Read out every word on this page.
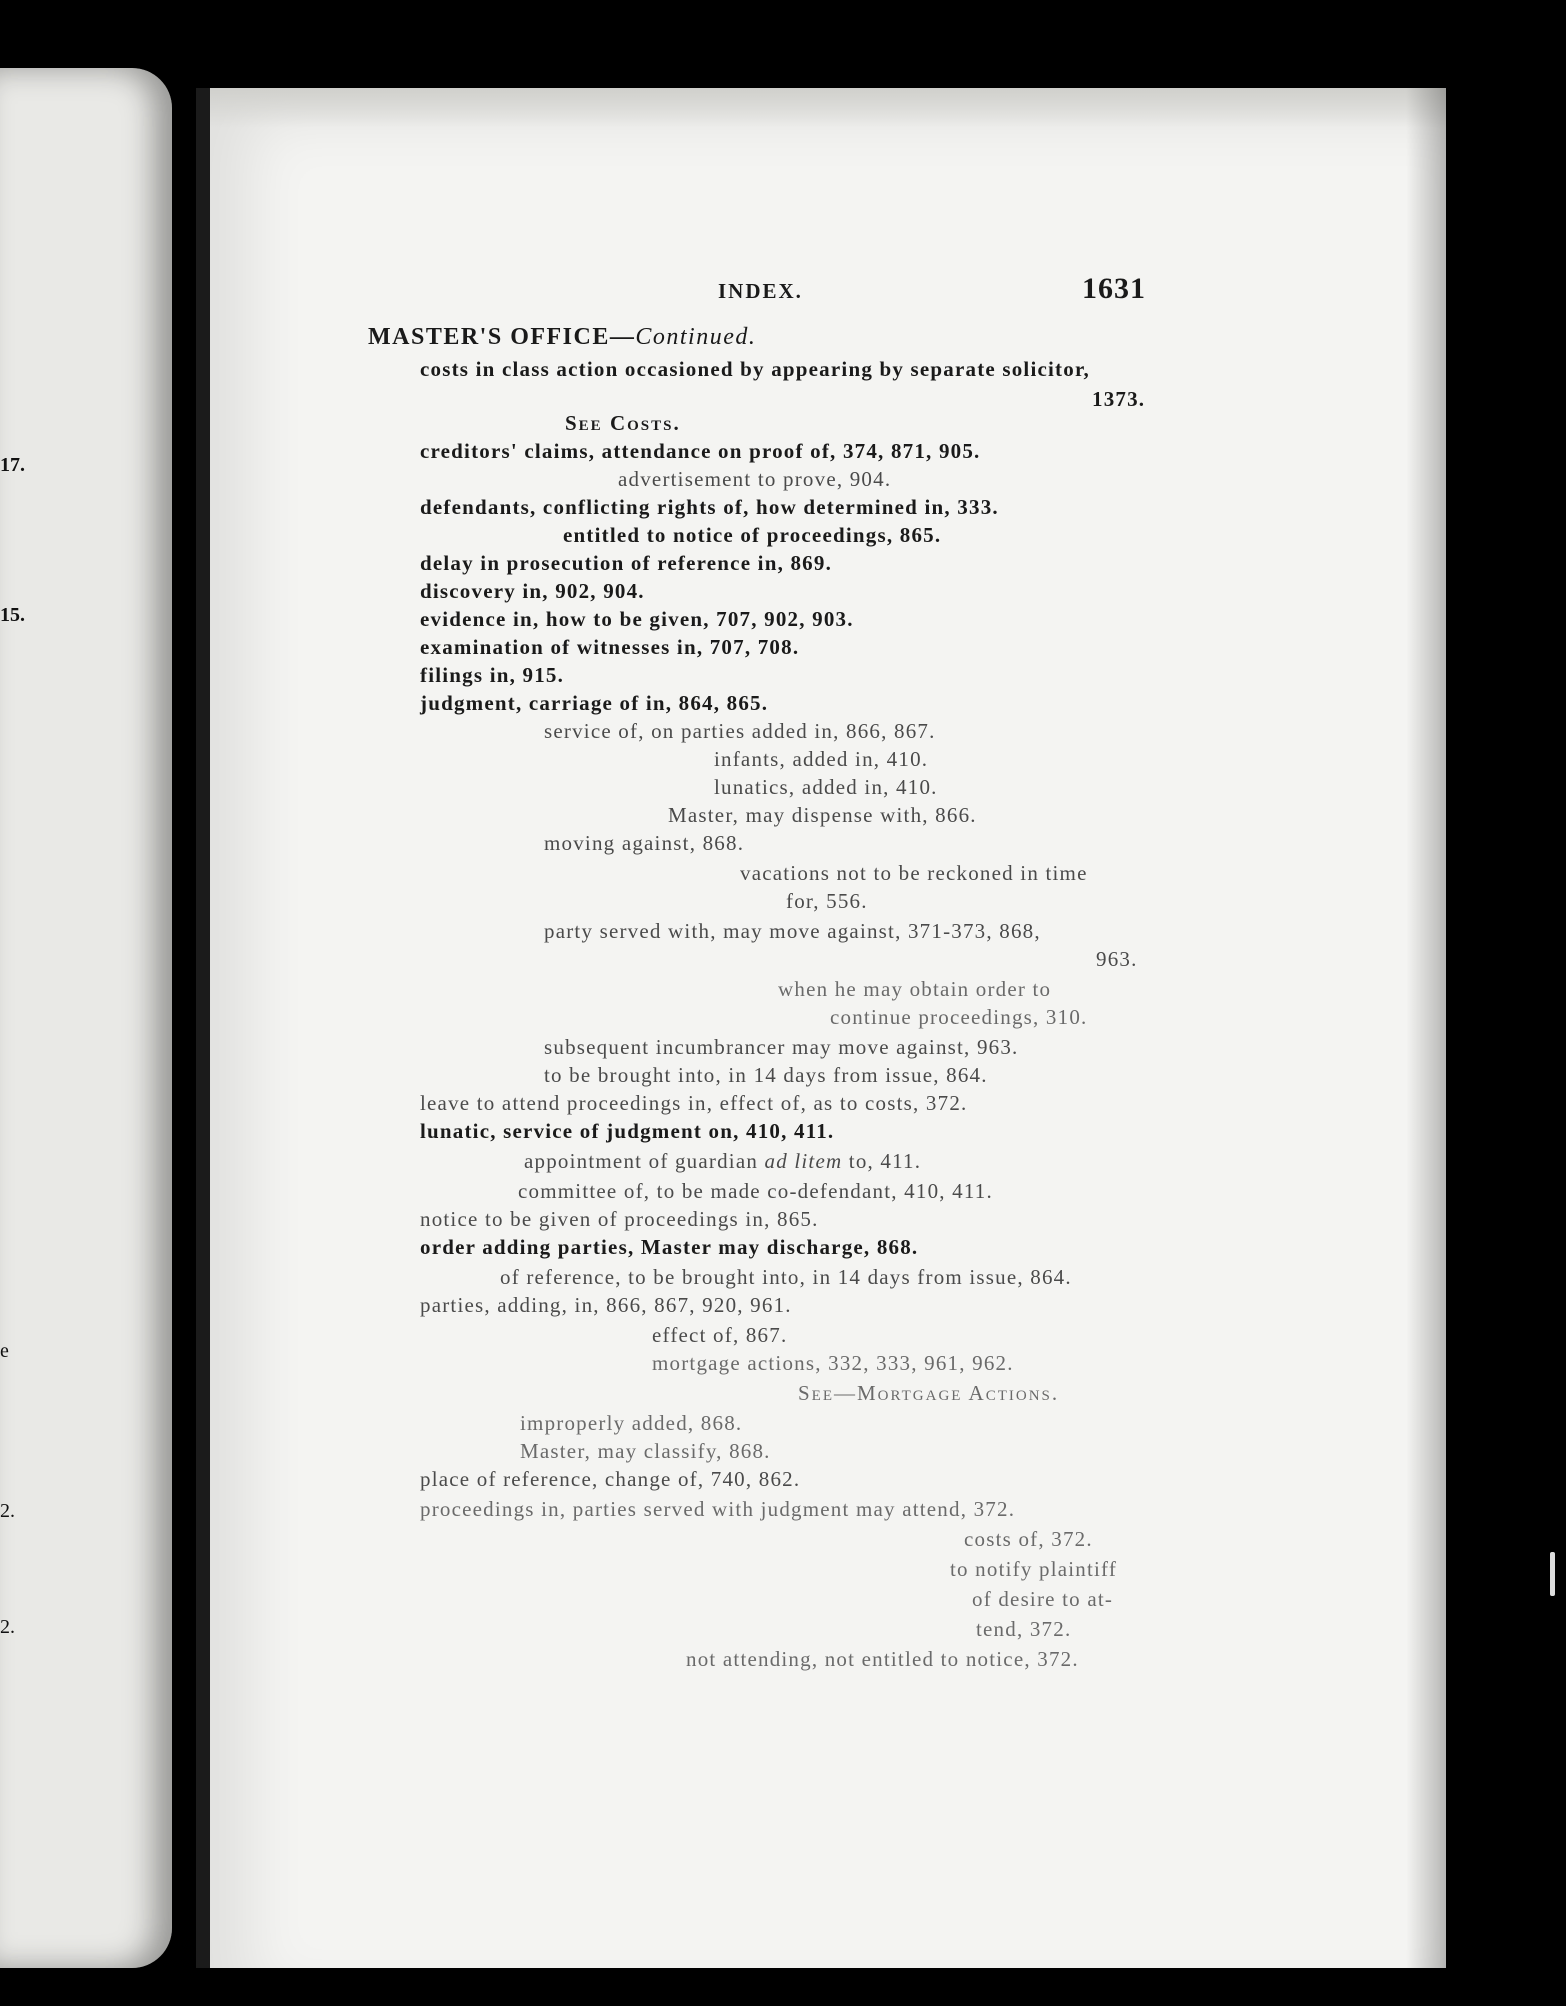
17.
15.
e
2.
2.
INDEX.	1631
MASTER'S OFFICE—Continued.
costs in class action occasioned by appearing by separate solicitor,
1373.
See Costs.
creditors' claims, attendance on proof of, 374, 871, 905.
advertisement to prove, 904.
defendants, conflicting rights of, how determined in, 333.
entitled to notice of proceedings, 865.
delay in prosecution of reference in, 869.
discovery in, 902, 904.
evidence in, how to be given, 707, 902, 903.
examination of witnesses in, 707, 708.
filings in, 915.
judgment, carriage of in, 864, 865.
service of, on parties added in, 866, 867.
infants, added in, 410.
lunatics, added in, 410.
Master, may dispense with, 866.
moving against, 868.
vacations not to be reckoned in time
for, 556.
party served with, may move against, 371-373, 868,
963.
when he may obtain order to
continue proceedings, 310.
subsequent incumbrancer may move against, 963.
to be brought into, in 14 days from issue, 864.
leave to attend proceedings in, effect of, as to costs, 372.
lunatic, service of judgment on, 410, 411.
appointment of guardian ad litem to, 411.
committee of, to be made co-defendant, 410, 411.
notice to be given of proceedings in, 865.
order adding parties, Master may discharge, 868.
of reference, to be brought into, in 14 days from issue, 864.
parties, adding, in, 866, 867, 920, 961.
effect of, 867.
mortgage actions, 332, 333, 961, 962.
See—Mortgage Actions.
improperly added, 868.
Master, may classify, 868.
place of reference, change of, 740, 862.
proceedings in, parties served with judgment may attend, 372.
costs of, 372.
to notify plaintiff
of desire to at-
tend, 372.
not attending, not entitled to notice, 372.
